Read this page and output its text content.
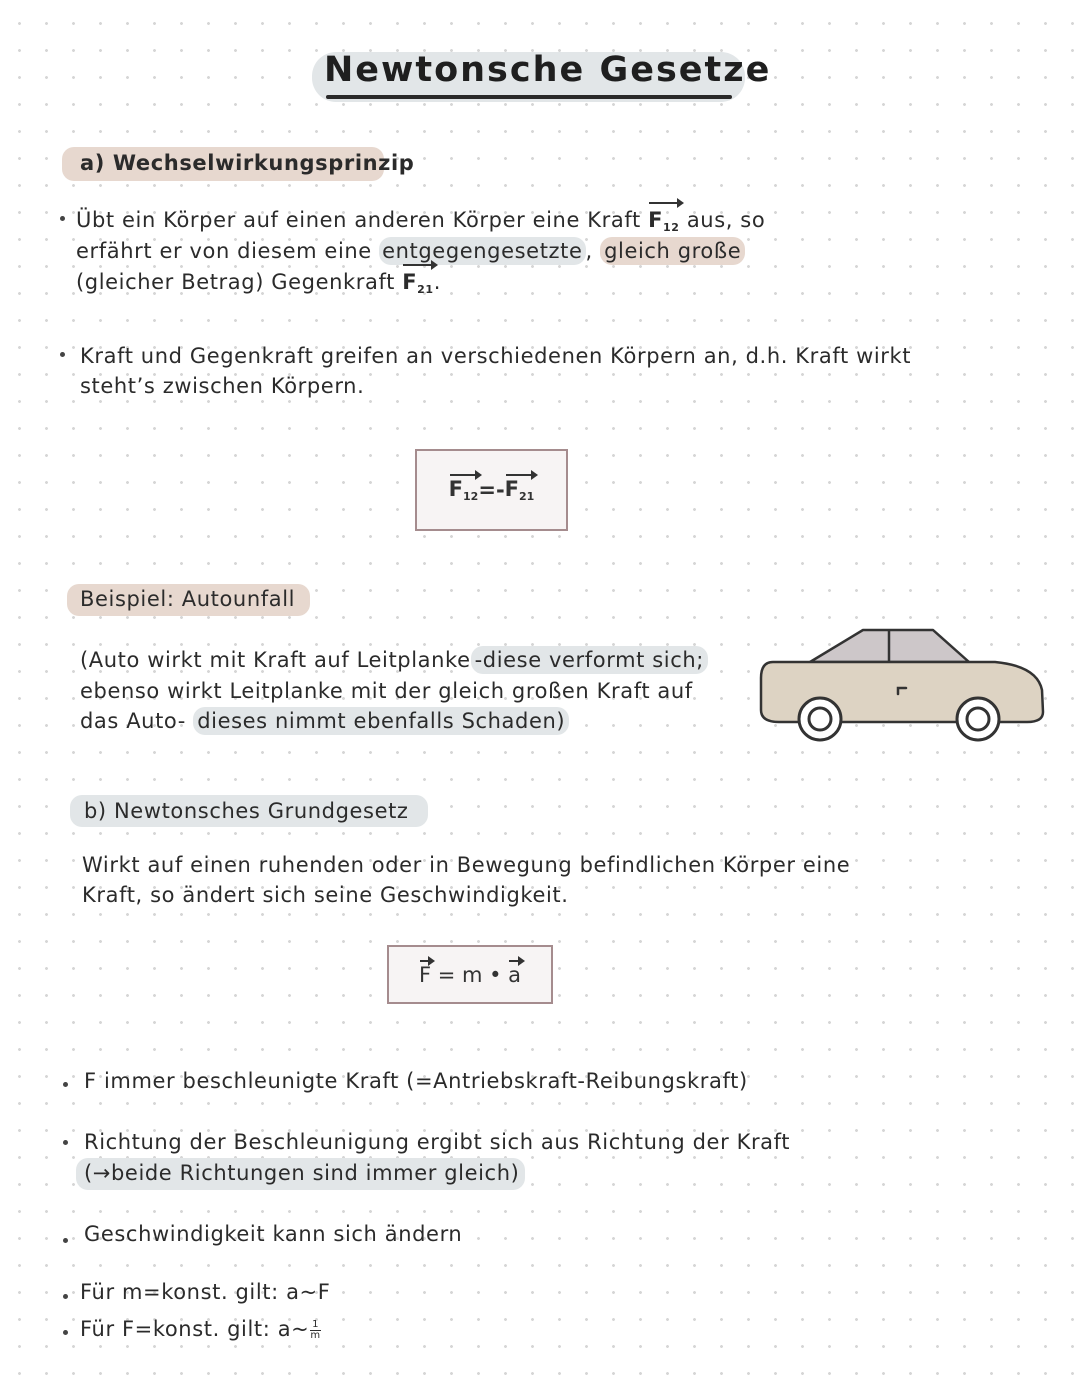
Newtonsche Gesetze
a) Wechselwirkungsprinzip
Übt ein Körper auf einen anderen Körper eine Kraft $F_{12}$ aus, so
erfährt er von diesem eine entgegengesetzte , gleich große
(gleicher Betrag) Gegenkraft $F_{21}$.
Kraft und Gegenkraft greifen an verschiedenen Körpern an, d.h. Kraft wirkt
steht’s zwischen Körpern.
$F_{12} =- F_{21}$
Beispiel: Autounfall
(Auto wirkt mit Kraft auf Leitplanke -diese verformt sich;
ebenso wirkt Leitplanke mit der gleich großen Kraft auf
das Auto- dieses nimmt ebenfalls Schaden)
b) Newtonsches Grundgesetz
Wirkt auf einen ruhenden oder in Bewegung befindlichen Körper eine
Kraft, so ändert sich seine Geschwindigkeit.
F = m • a
F immer beschleunigte Kraft (=Antriebskraft-Reibungskraft)
Richtung der Beschleunigung ergibt sich aus Richtung der Kraft
(→beide Richtungen sind immer gleich)
Geschwindigkeit kann sich ändern
Für m=konst. gilt: a~F
Für F=konst. gilt: a~ $\frac{1}{m}$
